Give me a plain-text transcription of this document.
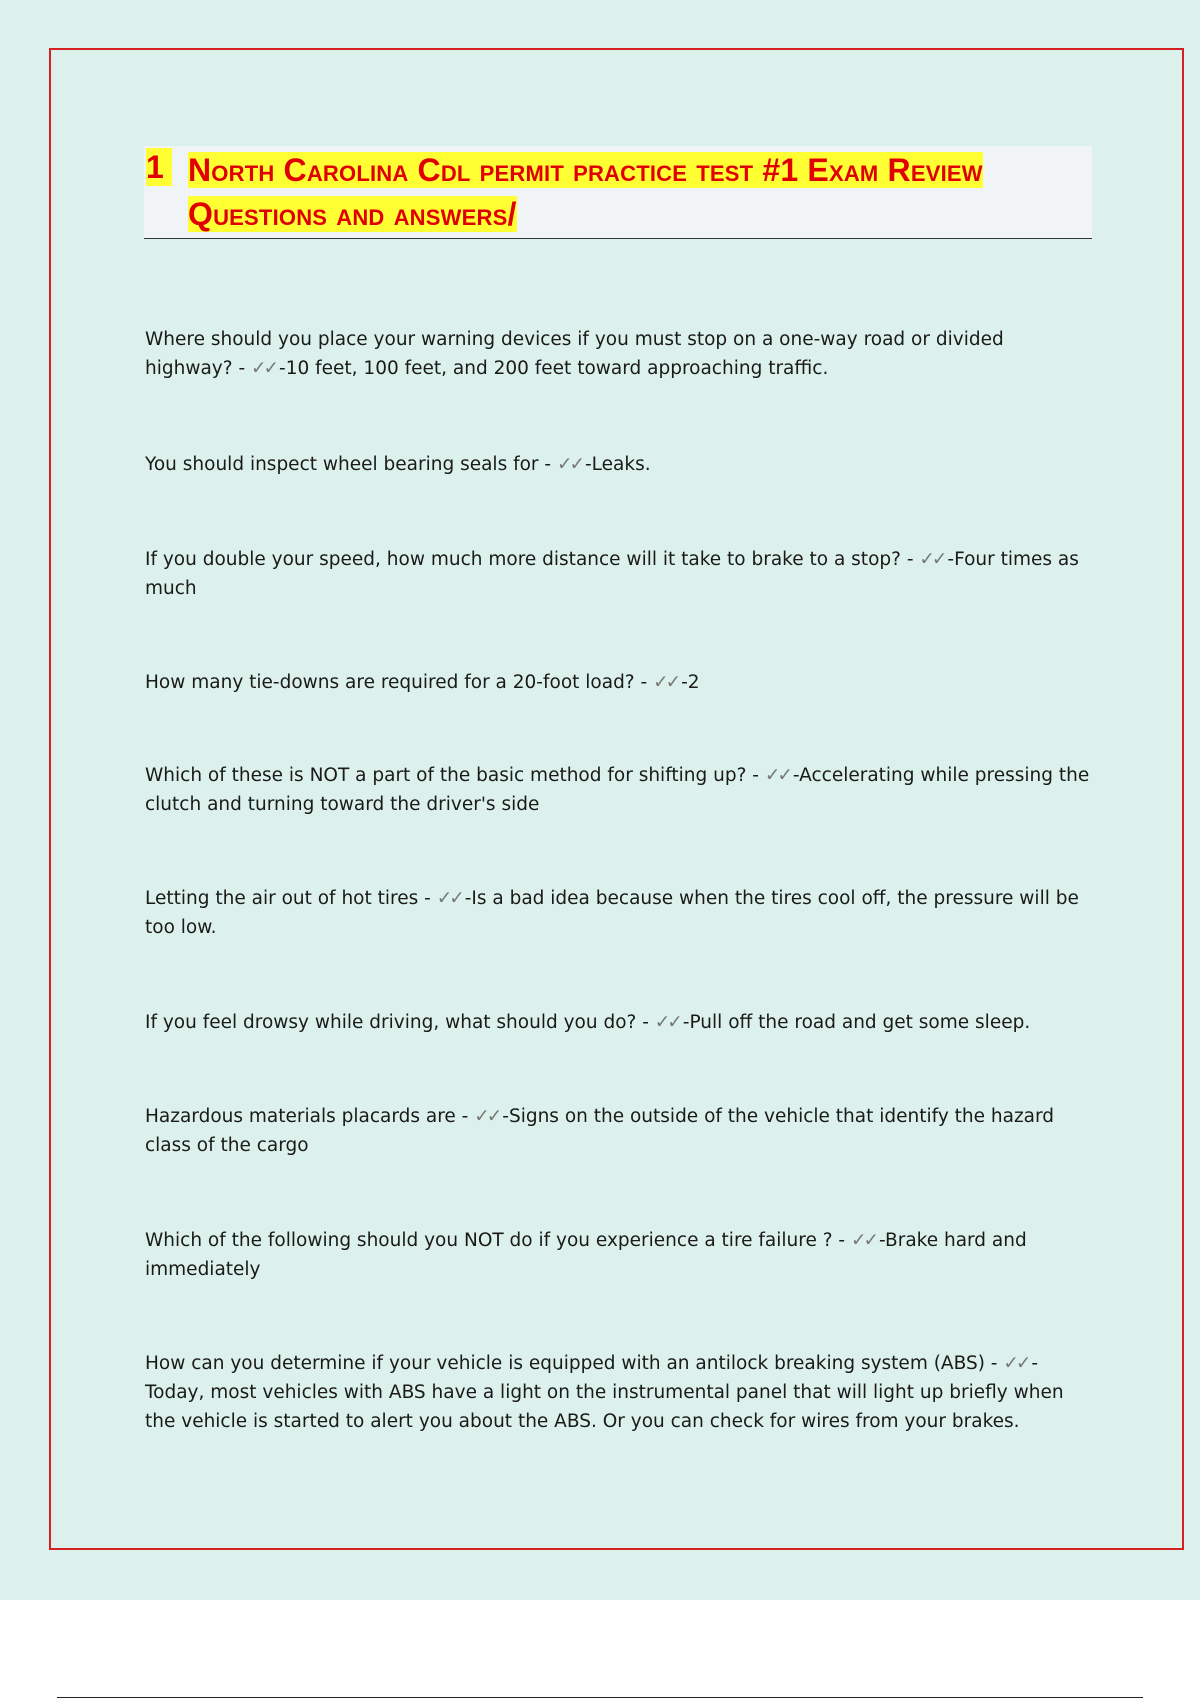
1 North Carolina Cdl permit practice test #1 Exam Review Questions and answers/
Where should you place your warning devices if you must stop on a one-way road or divided highway? - ✓✓ -10 feet, 100 feet, and 200 feet toward approaching traffic.
You should inspect wheel bearing seals for - ✓✓ -Leaks.
If you double your speed, how much more distance will it take to brake to a stop? - ✓✓ -Four times as much
How many tie-downs are required for a 20-foot load? - ✓✓ -2
Which of these is NOT a part of the basic method for shifting up? - ✓✓ -Accelerating while pressing the clutch and turning toward the driver's side
Letting the air out of hot tires - ✓✓ -Is a bad idea because when the tires cool off, the pressure will be too low.
If you feel drowsy while driving, what should you do? - ✓✓ -Pull off the road and get some sleep.
Hazardous materials placards are - ✓✓ -Signs on the outside of the vehicle that identify the hazard class of the cargo
Which of the following should you NOT do if you experience a tire failure ? - ✓✓ -Brake hard and immediately
How can you determine if your vehicle is equipped with an antilock breaking system (ABS) - ✓✓ -Today, most vehicles with ABS have a light on the instrumental panel that will light up briefly when the vehicle is started to alert you about the ABS. Or you can check for wires from your brakes.
